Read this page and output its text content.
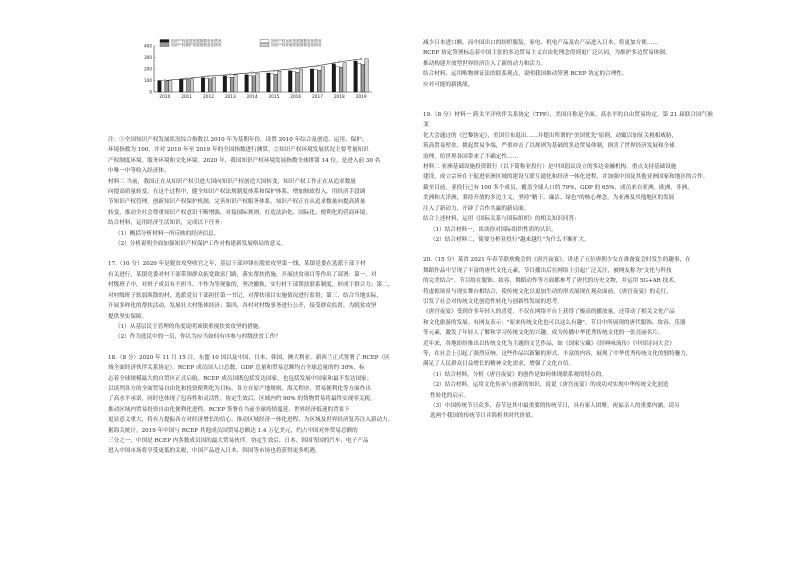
知识产权创造发展指数变化情况	知识产权运用发展指数变化情况
知识产权保护发展指数变化情况	知识产权环境发展指数变化情况
0
100
200
300
400
2010	2011	2012	2013	2014	2015	2016	2017	2018	2019

注：①全国知识产权发展状况综合指数以 2010 年为基期年份，设置 2010 年综合及创造、运用、保护、

环境指数为 100，并对 2010 年至 2019 年的全国指数进行测算。②知识产权环境发展状况主要考量知识

产权制度环境、服务环境和文化环境。2020 年，我国知识产权环境发展指数全球排第 14 位，是进入前 30 名

中唯一中等收入经济体。

材料二 当前，我国正在从知识产权引进大国向知识产权创造大国转变，知识产权工作正在从追求数量

向提高质量转变。在这个过程中，健全知识产权法规制度体系和保护体系，增加财政投入，用经济手段调

节知识产权管理，创新知识产权保护机制，完善知识产权服务体系，知识产权正在从追求数量向提高质量

转变，推动全社会尊重知识产权意识不断增强，对接国际规则，打造法治化、国际化、便利化的营商环境。

结合材料，运用经济生活知识，完成以下任务：

（1）概括分析材料一所反映的经济信息。

（2）分析说明全面加强知识产权保护工作对构建新发展格局的意义。

17.（10 分）2020 年是脱贫攻坚收官之年，基层干部冲锋在脱贫攻坚第一线，某镇党委在选派干部下村

有关进行，某镇党委对村干部带领群众拓宽致富门路，落实帮扶措施，开展扶贫项目等作出了部署：第一，对

村级班子中，对班子成员有不担当、不作为等现象的，坚决撤换，实行村干部帮扶联系制度，形成干群合力；第二，

对村级班子软弱涣散的村，选派党员干部担任第一书记，对帮扶项目实施情况进行监督；第三，结合当地实际，

开展多样化的帮扶活动，发展壮大村集体经济；第四，各村对村级事务进行公开，接受群众监督，为脱贫攻坚

提供坚实保障。

（1）从基层民主管理的角度说明该镇重视扶贫攻坚的措施。

（2）作为选民中的一员，你认为应当如何有序参与村级扶贫工作？

18.（8 分）2020 年 11 月 15 日，东盟 10 国以及中国、日本、韩国、澳大利亚、新西兰正式签署了 RCEP（区

域全面经济伙伴关系协定）。RCEP 成员国人口总数、GDP 总量和贸易总额均占全球总量的约 30%，标

志着全球规模最大的自贸区正式启航。RCEP 成员国既包括发达国家，也包括发展中国家和最不发达国家；

以谈判各方的全面贸易自由化和投资便利化为目标，各方在原产地规则、海关程序、贸易便利化等方面作出

了高水平承诺，同时也体现了包容性和灵活性。协定生效后，区域内约 90% 的货物贸易将最终实现零关税，

推动区域内贸易投资自由化便利化进程。RCEP 签署在当前全球疫情蔓延、世界经济低迷的背景下

更显意义重大，将有力提振各方对经济增长的信心，推动区域经济一体化进程，为区域及世界经济复苏注入新动力。

据海关统计，2019 年中国与 RCEP 其他成员国贸易总额达 1.4 万亿美元，约占中国对外贸易总额的

三分之一，中国是 RCEP 内多数成员国的最大贸易伙伴。协定生效后，日本、韩国等国的汽车、电子产品

进入中国市场将享受更低的关税，中国产品进入日本、韩国等市场也将获得更多机遇。

减少日本进口额，而中国出口的纺织服装、家电、机电产品及农产品进入日本，将更加方便……

RCEP 协定签署标志着中国主张的多边贸易主义自由化理念得到更广泛认同，为维护多边贸易体制、

推动构建开放型世界经济注入了新的动力和活力。

结合材料，运用唯物辩证法的联系观点，说明我国推动签署 RCEP 协定的合理性。

应对可能的新挑战。

19.（8 分）材料一 跨太平洋伙伴关系协定（TPP），美国自称是全面、高水平的自由贸易协定。第 21 届联合国气候变

化大会通过的《巴黎协定》，美国宣布退出……并提出所谓的"美国优先"原则，动辄以加征关税相威胁，

筑高贸易壁垒，挑起贸易争端，严重冲击了以规则为基础的多边贸易体制，损害了世界经济发展和全球

治理，给世界各国带来了不确定性……

材料二 亚洲基础设施投资银行（以下简称亚投行）是中国倡议设立的多边金融机构，重点支持基础设施

建设，成立宗旨在于促进亚洲区域的建设互联互通化和经济一体化进程，并加强中国及其他亚洲国家和地区的合作。

截至目前，亚投行已有 100 多个成员，覆盖全球人口的 79%，GDP 的 65%，成员来自亚洲、欧洲、非洲、

美洲和大洋洲，秉持开放的多边主义，坚持"精干、廉洁、绿色"的核心理念，为亚洲及其他地区的发展

注入了新动力，开辟了合作共赢的新局面。

结合上述材料，运用《国际关系与国际组织》的相关知识回答：

（1）结合材料一，谈谈你对国际组织性质的认识。

（2）结合材料二，简要分析亚投行"越来越红"为什么不断扩大。

20.（15 分）某省 2021 年春节联欢晚会的《唐宫夜宴》，讲述了五位唐朝少女在准备宴会时发生的趣事，在

舞蹈作品中呈现了丰富的唐代文化元素，节目播出后在网络上引起广泛关注，被网友称为"文化与科技

的完美结合"。节目组在服饰、妆容、舞蹈动作等方面都参考了唐代的历史文物，并运用 5G+AR 技术，

将虚拟场景与现实舞台相结合，使传统文化以更加生动的形式展现在观众面前。《唐宫夜宴》的走红，

引发了社会对传统文化创造性转化与创新性发展的思考。

《唐宫夜宴》受到许多年轻人的喜爱，不仅在网络平台上获得了极高的播放量，还带动了相关文化产品

和文化旅游的发展。有网友表示："原来传统文化也可以这么有趣"。节目中所展现的唐代服饰、妆容、乐器

等元素，激发了年轻人了解和学习传统文化的兴趣，成为传播中华优秀传统文化的一张亮丽名片。

近年来，各地纷纷推出以传统文化为主题的文艺作品，如《国家宝藏》《经典咏流传》《中国诗词大会》

等，在社会上引起了强烈反响。这些作品以新颖的形式、丰富的内容，展现了中华优秀传统文化的独特魅力，

满足了人民群众日益增长的精神文化需求，增强了文化自信。

（1）结合材料，分析《唐宫夜宴》的创作是如何体现联系观的特点的。

（2）结合材料，运用文化传承与创新的知识，说说《唐宫夜宴》的成功对实现中华传统文化创造

性转化的启示。

（3）中国传统节日众多，春节是其中最重要的传统节日，具有家人团聚、祝福亲人的重要内涵。请另

选两个我国的传统节日并简析其时代价值。
